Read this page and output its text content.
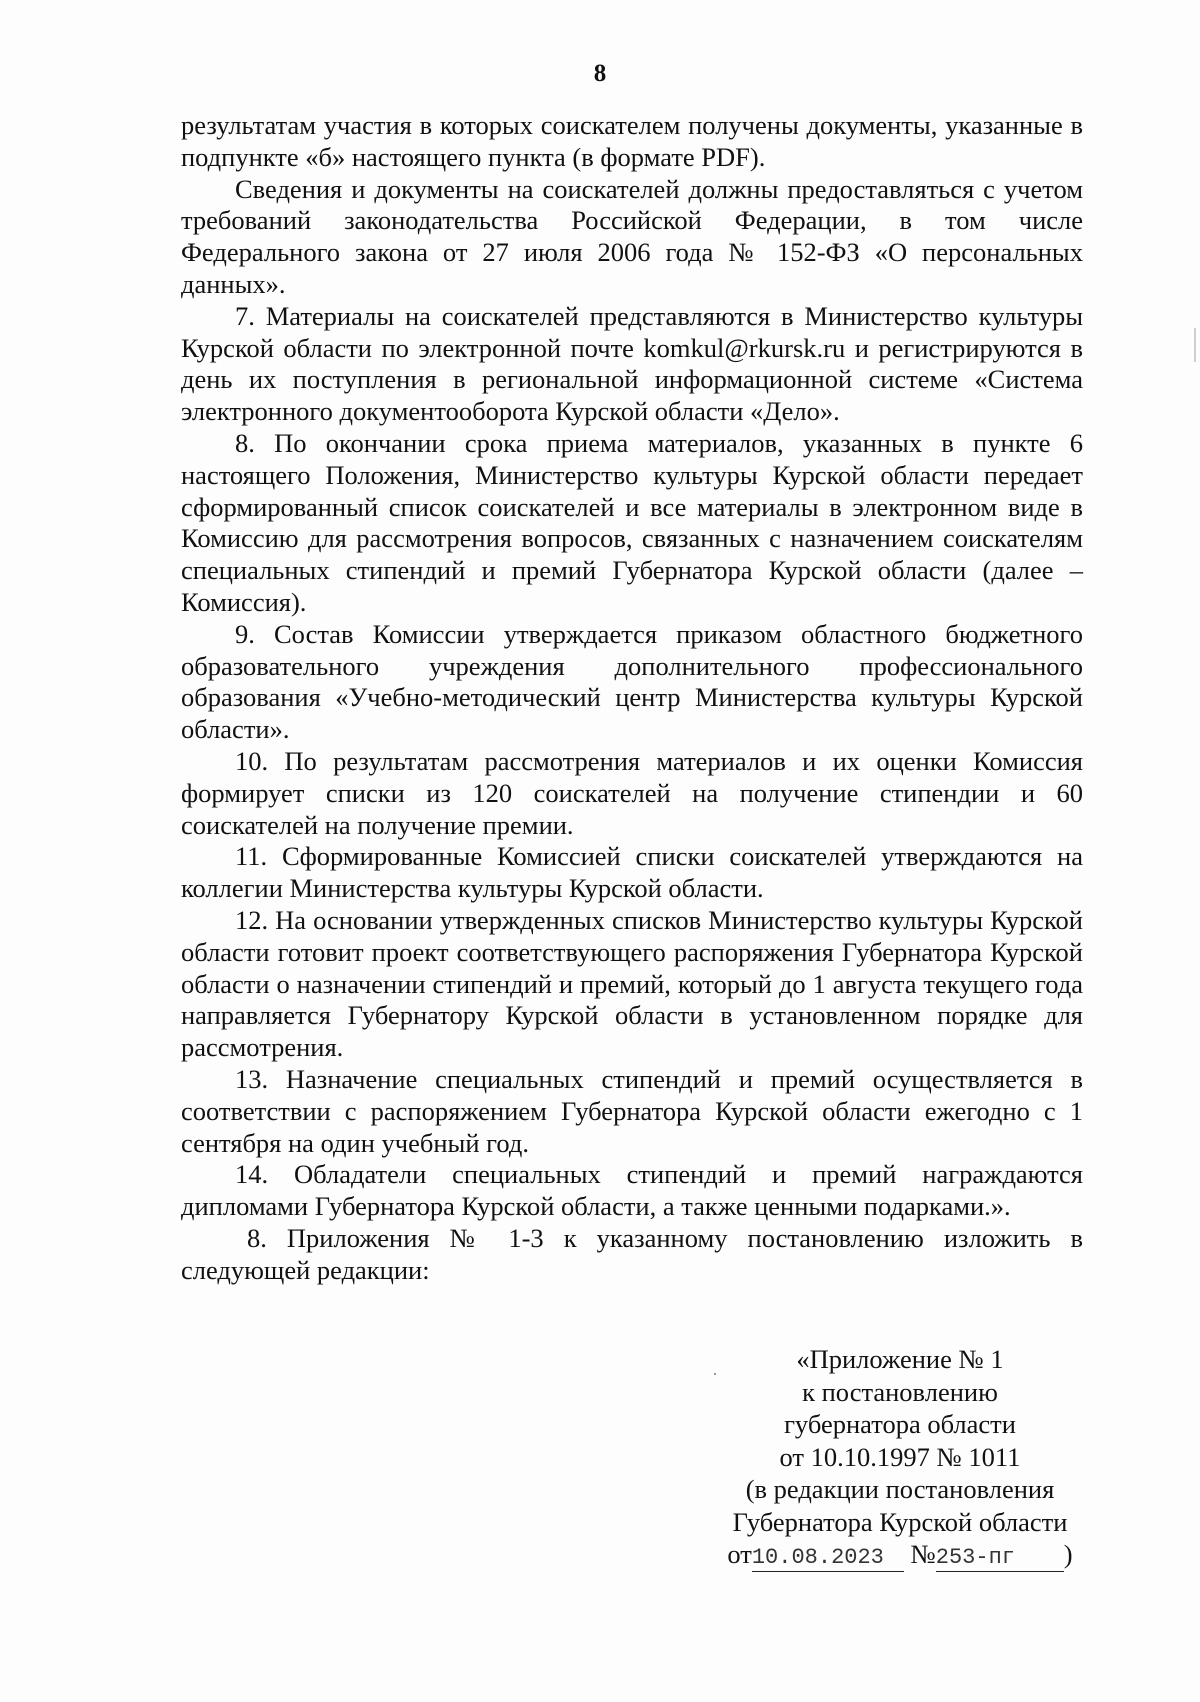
8

результатам участия в которых соискателем получены документы, указанные в подпункте «б» настоящего пункта (в формате PDF).

Сведения и документы на соискателей должны предоставляться с учетом требований законодательства Российской Федерации, в том числе Федерального закона от 27 июля 2006 года № 152-ФЗ «О персональных данных».

7. Материалы на соискателей представляются в Министерство культуры Курской области по электронной почте komkul@rkursk.ru и регистрируются в день их поступления в региональной информационной системе «Система электронного документооборота Курской области «Дело».

8. По окончании срока приема материалов, указанных в пункте 6 настоящего Положения, Министерство культуры Курской области передает сформированный список соискателей и все материалы в электронном виде в Комиссию для рассмотрения вопросов, связанных с назначением соискателям специальных стипендий и премий Губернатора Курской области (далее – Комиссия).

9. Состав Комиссии утверждается приказом областного бюджетного образовательного учреждения дополнительного профессионального образования «Учебно-методический центр Министерства культуры Курской области».

10. По результатам рассмотрения материалов и их оценки Комиссия формирует списки из 120 соискателей на получение стипендии и 60 соискателей на получение премии.

11. Сформированные Комиссией списки соискателей утверждаются на коллегии Министерства культуры Курской области.

12. На основании утвержденных списков Министерство культуры Курской области готовит проект соответствующего распоряжения Губернатора Курской области о назначении стипендий и премий, который до 1 августа текущего года направляется Губернатору Курской области в установленном порядке для рассмотрения.

13. Назначение специальных стипендий и премий осуществляется в соответствии с распоряжением Губернатора Курской области ежегодно с 1 сентября на один учебный год.

14. Обладатели специальных стипендий и премий награждаются дипломами Губернатора Курской области, а также ценными подарками.».

8. Приложения № 1-3 к указанному постановлению изложить в следующей редакции:

«Приложение № 1
к постановлению
губернатора области
от 10.10.1997 № 1011
(в редакции постановления
Губернатора Курской области
от10.08.2023 №253-пг )
